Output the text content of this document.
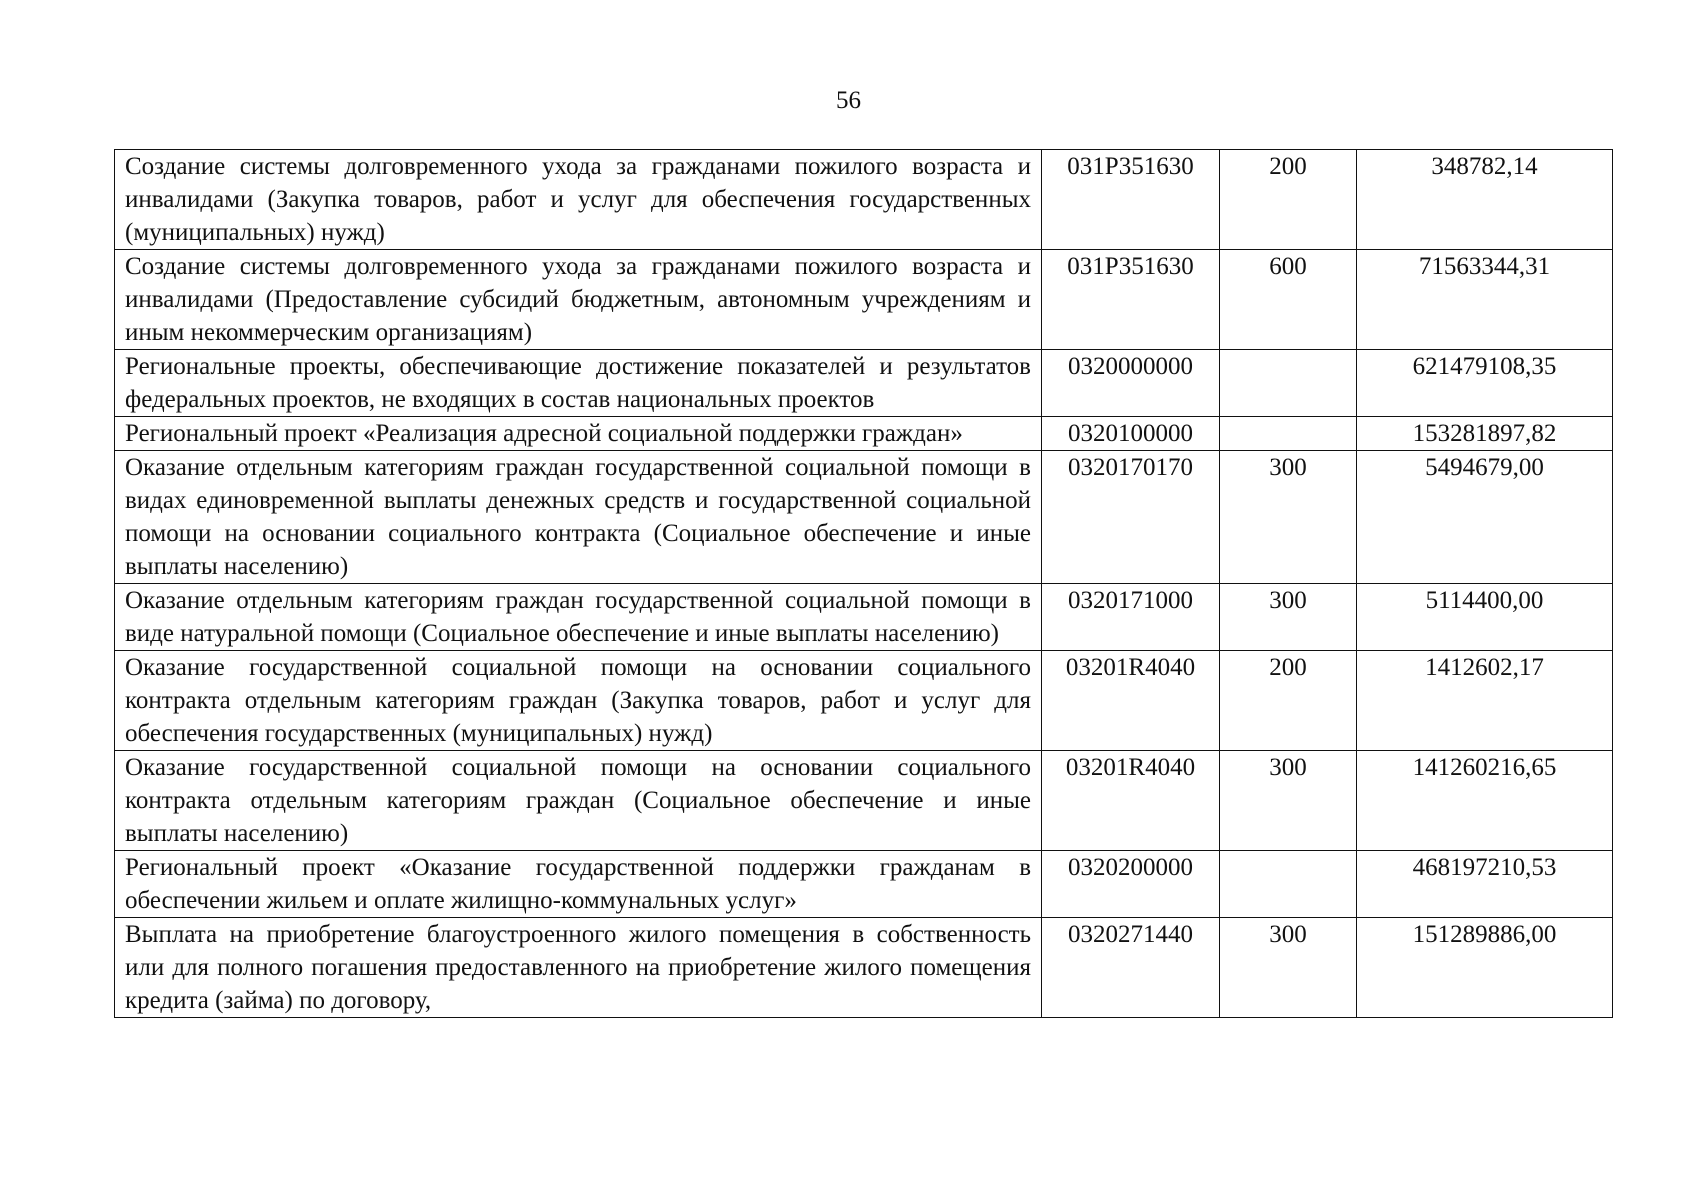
56
Создание системы долговременного ухода за гражданами пожилого возраста и инвалидами (Закупка товаров, работ и услуг для обеспечения государственных (муниципальных) нужд)	031P351630	200	348782,14
Создание системы долговременного ухода за гражданами пожилого возраста и инвалидами (Предоставление субсидий бюджетным, автономным учреждениям и иным некоммерческим организациям)	031P351630	600	71563344,31
Региональные проекты, обеспечивающие достижение показателей и результатов федеральных проектов, не входящих в состав национальных проектов	0320000000		621479108,35
Региональный проект «Реализация адресной социальной поддержки граждан»	0320100000		153281897,82
Оказание отдельным категориям граждан государственной социальной помощи в видах единовременной выплаты денежных средств и государственной социальной помощи на основании социального контракта (Социальное обеспечение и иные выплаты населению)	0320170170	300	5494679,00
Оказание отдельным категориям граждан государственной социальной помощи в виде натуральной помощи (Социальное обеспечение и иные выплаты населению)	0320171000	300	5114400,00
Оказание государственной социальной помощи на основании социального контракта отдельным категориям граждан (Закупка товаров, работ и услуг для обеспечения государственных (муниципальных) нужд)	03201R4040	200	1412602,17
Оказание государственной социальной помощи на основании социального контракта отдельным категориям граждан (Социальное обеспечение и иные выплаты населению)	03201R4040	300	141260216,65
Региональный проект «Оказание государственной поддержки гражданам в обеспечении жильем и оплате жилищно-коммунальных услуг»	0320200000		468197210,53
Выплата на приобретение благоустроенного жилого помещения в собственность или для полного погашения предоставленного на приобретение жилого помещения кредита (займа) по договору,	0320271440	300	151289886,00
